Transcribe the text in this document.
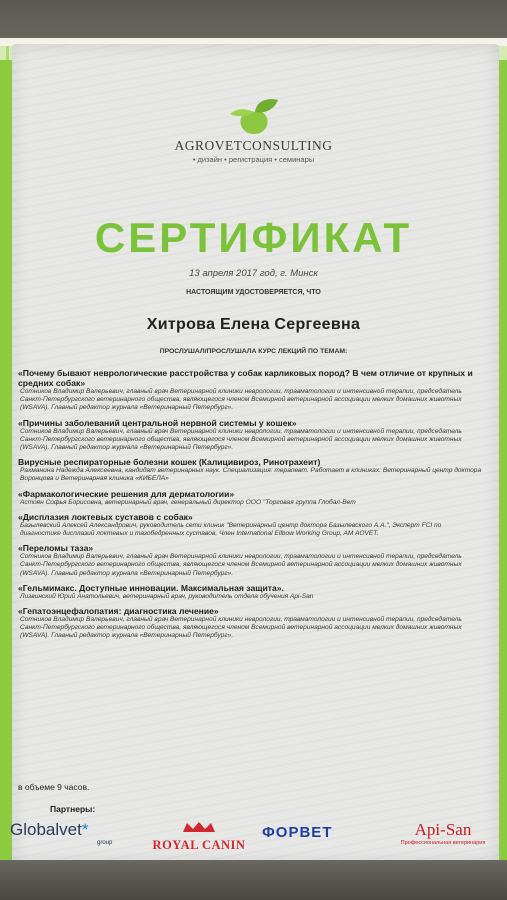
AGROVETCONSULTING
• дизайн • регистрация • семинары
СЕРТИФИКАТ
13 апреля 2017 год, г. Минск
НАСТОЯЩИМ УДОСТОВЕРЯЕТСЯ, ЧТО
Хитрова Елена Сергеевна
ПРОСЛУШАЛ/ПРОСЛУШАЛА КУРС ЛЕКЦИЙ ПО ТЕМАМ:
«Почему бывают неврологические расстройства у собак карликовых пород? В чем отличие от крупных и средних собак»
Сотников Владимир Валерьевич, главный врач Ветеринарной клиники неврологии, травматологии и интенсивной терапии, председатель Санкт-Петербургского ветеринарного общества, являющегося членом Всемирной ветеринарной ассоциации мелких домашних животных (WSAVA). Главный редактор журнала «Ветеринарный Петербург».
«Причины заболеваний центральной нервной системы у кошек»
Сотников Владимир Валерьевич, главный врач Ветеринарной клиники неврологии, травматологии и интенсивной терапии, председатель Санкт-Петербургского ветеринарного общества, являющегося членом Всемирной ветеринарной ассоциации мелких домашних животных (WSAVA). Главный редактор журнала «Ветеринарный Петербург».
Вирусные респираторные болезни кошек (Калицивироз, Ринотрахеит)
Рахманина Надежда Алексеевна, кандидат ветеринарных наук. Специализация: терапевт. Работает в клиниках: Ветеринарный центр доктора Воронцова и Ветеринарная клиника «КИБЕЛА»
«Фармакологические решения для дерматологии»
Астоян Софья Борисовна, ветеринарный врач, генеральный директор ООО "Торговая группа Глобал-Вет
«Дисплазия локтевых суставов с собак»
Базылевский Алексей Александрович, руководитель сети клиник "Ветеринарный центр доктора Базылевского А.А.", Эксперт FCI по диагностике дисплазий локтевых и тазобедренных суставов, Член International Ellbow Working Group, AM AOVET.
«Переломы таза»
Сотников Владимир Валерьевич, главный врач Ветеринарной клиники неврологии, травматологии и интенсивной терапии, председатель Санкт-Петербургского ветеринарного общества, являющегося членом Всемирной ветеринарной ассоциации мелких домашних животных (WSAVA). Главный редактор журнала «Ветеринарный Петербург».
«Гельмимакс. Доступные инновации. Максимальная защита».
Лизвинский Юрий Анатольевич, ветеринарный врач, руководитель отдела обучения Api-San
«Гепатоэнцефалопатия: диагностика лечение»
Сотников Владимир Валерьевич, главный врач Ветеринарной клиники неврологии, травматологии и интенсивной терапии, председатель Санкт-Петербургского ветеринарного общества, являющегося членом Всемирной ветеринарной ассоциации мелких домашних животных (WSAVA). Главный редактор журнала «Ветеринарный Петербург».
в объеме 9 часов.
Партнеры:
Globalvet*
group	ROYAL CANIN
ФОРВЕТ	Api-San
Профессиональная ветеринария
